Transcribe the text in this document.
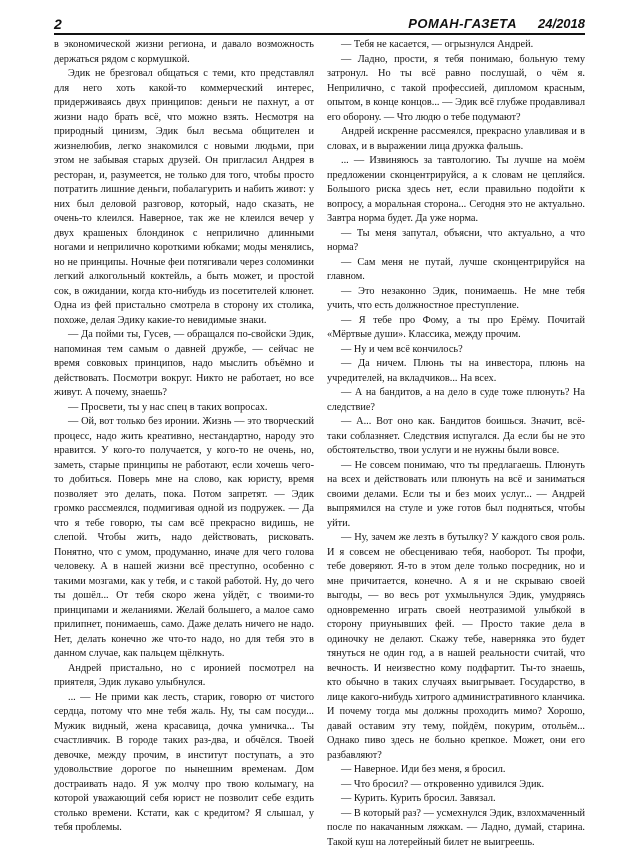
2	РОМАН-ГАЗЕТА 24/2018

в экономической жизни региона, и давало возможность держаться рядом с кормушкой.

Эдик не брезговал общаться с теми, кто представлял для него хоть какой-то коммерческий интерес, придерживаясь двух принципов: деньги не пахнут, а от жизни надо брать всё, что можно взять. Несмотря на природный цинизм, Эдик был весьма общителен и жизнелюбив, легко знакомился с новыми людьми, при этом не забывая старых друзей. Он пригласил Андрея в ресторан, и, разумеется, не только для того, чтобы просто потратить лишние деньги, побалагурить и набить живот: у них был деловой разговор, который, надо сказать, не очень-то клеился. Наверное, так же не клеился вечер у двух крашеных блондинок с неприлично длинными ногами и неприлично короткими юбками; моды менялись, но не принципы. Ночные феи потягивали через соломинки легкий алкогольный коктейль, а быть может, и простой сок, в ожидании, когда кто-нибудь из посетителей клюнет. Одна из фей пристально смотрела в сторону их столика, похоже, делая Эдику какие-то невидимые знаки.

— Да пойми ты, Гусев, — обращался по-свойски Эдик, напоминая тем самым о давней дружбе, — сейчас не время совковых принципов, надо мыслить объёмно и действовать. Посмотри вокруг. Никто не работает, но все живут. А почему, знаешь?

— Просвети, ты у нас спец в таких вопросах.

— Ой, вот только без иронии. Жизнь — это творческий процесс, надо жить креативно, нестандартно, народу это нравится. У кого-то получается, у кого-то не очень, но, заметь, старые принципы не работают, если хочешь чего-то добиться. Поверь мне на слово, как юристу, время позволяет это делать, пока. Потом запретят. — Эдик громко рассмеялся, подмигивая одной из подружек. — Да что я тебе говорю, ты сам всё прекрасно видишь, не слепой. Чтобы жить, надо действовать, рисковать. Понятно, что с умом, продуманно, иначе для чего голова человеку. А в нашей жизни всё преступно, особенно с такими мозгами, как у тебя, и с такой работой. Ну, до чего ты дошёл... От тебя скоро жена уйдёт, с твоими-то принципами и желаниями. Желай большего, а малое само прилипнет, понимаешь, само. Даже делать ничего не надо. Нет, делать конечно же что-то надо, но для тебя это в данном случае, как пальцем щёлкнуть.

Андрей пристально, но с иронией посмотрел на приятеля, Эдик лукаво улыбнулся.

... — Не прими как лесть, старик, говорю от чистого сердца, потому что мне тебя жаль. Ну, ты сам посуди... Мужик видный, жена красавица, дочка умничка... Ты счастливчик. В городе таких раз-два, и обчёлся. Твоей девочке, между прочим, в институт поступать, а это удовольствие дорогое по нынешним временам. Дом достраивать надо. Я уж молчу про твою колымагу, на которой уважающий себя юрист не позволит себе ездить столько времени. Кстати, как с кредитом? Я слышал, у тебя проблемы.

— Тебя не касается, — огрызнулся Андрей.

— Ладно, прости, я тебя понимаю, больную тему затронул. Но ты всё равно послушай, о чём я. Неприлично, с такой профессией, дипломом красным, опытом, в конце концов... — Эдик всё глубже продавливал его оборону. — Что людю о тебе подумают?

Андрей искренне рассмеялся, прекрасно улавливая и в словах, и в выражении лица дружка фальшь.

... — Извиняюсь за тавтологию. Ты лучше на моём предложении сконцентрируйся, а к словам не цепляйся. Большого риска здесь нет, если правильно подойти к вопросу, а моральная сторона... Сегодня это не актуально. Завтра норма будет. Да уже норма.

— Ты меня запутал, объясни, что актуально, а что норма?

— Сам меня не путай, лучше сконцентрируйся на главном.

— Это незаконно Эдик, понимаешь. Не мне тебя учить, что есть должностное преступление.

— Я тебе про Фому, а ты про Ерёму. Почитай «Мёртвые души». Классика, между прочим.

— Ну и чем всё кончилось?

— Да ничем. Плюнь ты на инвестора, плюнь на учредителей, на вкладчиков... На всех.

— А на бандитов, а на дело в суде тоже плюнуть? На следствие?

— А... Вот оно как. Бандитов боишься. Значит, всё-таки соблазняет. Следствия испугался. Да если бы не это обстоятельство, твои услуги и не нужны были вовсе.

— Не совсем понимаю, что ты предлагаешь. Плюнуть на всех и действовать или плюнуть на всё и заниматься своими делами. Если ты и без моих услуг... — Андрей выпрямился на стуле и уже готов был подняться, чтобы уйти.

— Ну, зачем же лезть в бутылку? У каждого своя роль. И я совсем не обесцениваю тебя, наоборот. Ты профи, тебе доверяют. Я-то в этом деле только посредник, но и мне причитается, конечно. А я и не скрываю своей выгоды, — во весь рот ухмыльнулся Эдик, умудряясь одновременно играть своей неотразимой улыбкой в сторону приунывших фей. — Просто такие дела в одиночку не делают. Скажу тебе, наверняка это будет тянуться не один год, а в нашей реальности считай, что вечность. И неизвестно кому подфартит. Ты-то знаешь, кто обычно в таких случаях выигрывает. Государство, в лице какого-нибудь хитрого административного кланчика. И почему тогда мы должны проходить мимо? Хорошо, давай оставим эту тему, пойдём, покурим, отольём... Однако пиво здесь не больно крепкое. Может, они его разбавляют?

— Наверное. Иди без меня, я бросил.

— Что бросил? — откровенно удивился Эдик.

— Курить. Курить бросил. Завязал.

— В который раз? — усмехнулся Эдик, взлохмаченный после по накачанным ляжкам. — Ладно, думай, старина. Такой куш на лотерейный билет не выигреешь.
